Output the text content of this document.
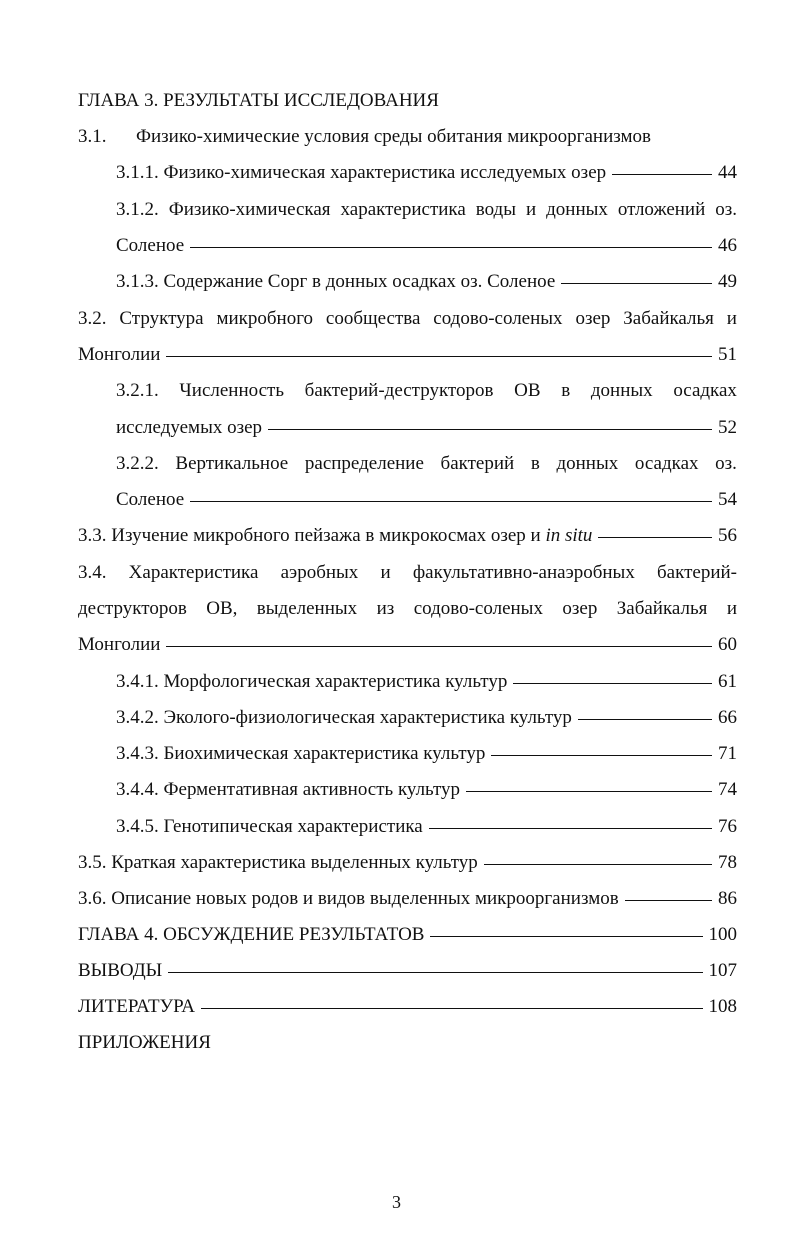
ГЛАВА 3. РЕЗУЛЬТАТЫ ИССЛЕДОВАНИЯ
3.1. Физико-химические условия среды обитания микроорганизмов
3.1.1. Физико-химическая характеристика исследуемых озер	44
3.1.2. Физико-химическая характеристика воды и донных отложений оз.
Соленое	46
3.1.3. Содержание Сорг в донных осадках оз. Соленое	49
3.2. Структура микробного сообщества содово-соленых озер Забайкалья и
Монголии	51
3.2.1. Численность бактерий-деструкторов ОВ в донных осадках
исследуемых озер	52
3.2.2. Вертикальное распределение бактерий в донных осадках оз.
Соленое	54
3.3. Изучение микробного пейзажа в микрокосмах озер и in situ	56
3.4. Характеристика аэробных и факультативно-анаэробных бактерий-
деструкторов ОВ, выделенных из содово-соленых озер Забайкалья и
Монголии	60
3.4.1. Морфологическая характеристика культур	61
3.4.2. Эколого-физиологическая характеристика культур	66
3.4.3. Биохимическая характеристика культур	71
3.4.4. Ферментативная активность культур	74
3.4.5. Генотипическая характеристика	76
3.5. Краткая характеристика выделенных культур	78
3.6. Описание новых родов и видов выделенных микроорганизмов	86
ГЛАВА 4. ОБСУЖДЕНИЕ РЕЗУЛЬТАТОВ	100
ВЫВОДЫ	107
ЛИТЕРАТУРА	108
ПРИЛОЖЕНИЯ
3
